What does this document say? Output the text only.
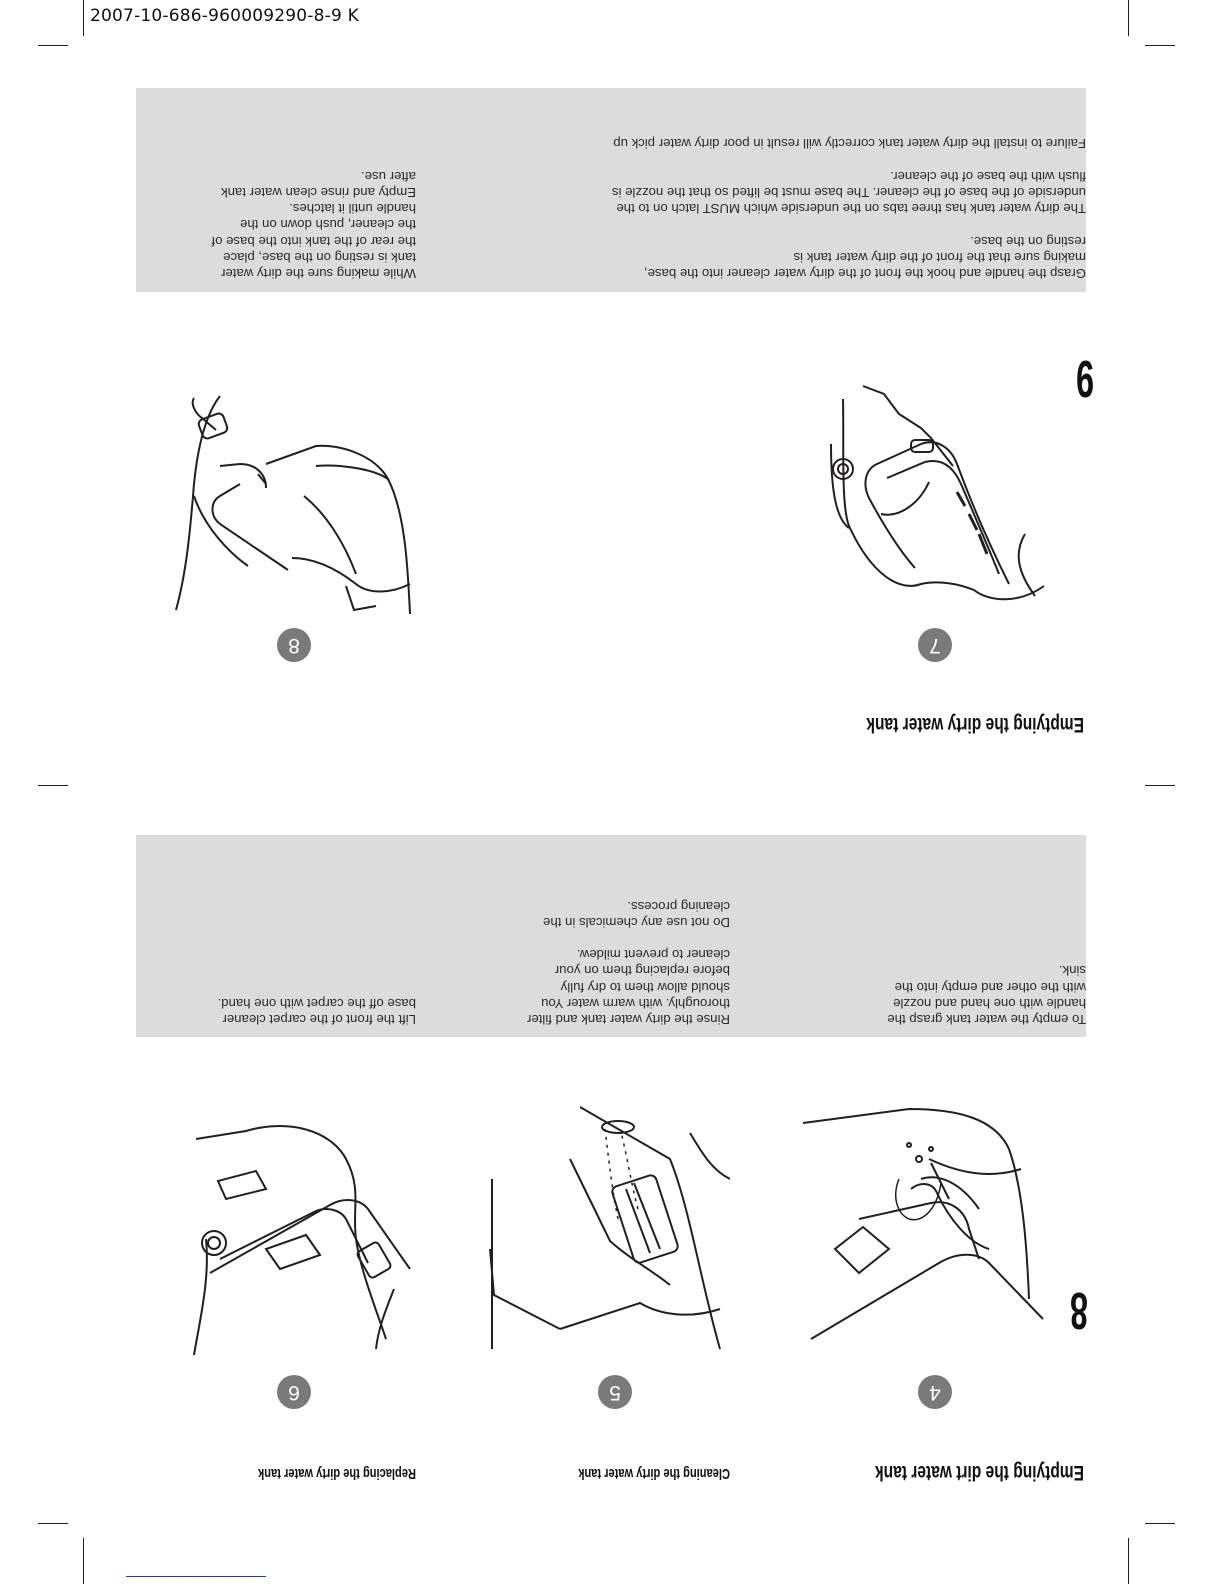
2007-10-686-960009290-8-9 K
9
Emptying the dirty water tank
7
8
Grasp the handle and hook the front of the dirty water cleaner into the base,
making sure that the front of the dirty water tank is
resting on the base.

The dirty water tank has three tabs on the underside which MUST latch on to the
underside of the base of the cleaner. The base must be lifted so that the nozzle is
flush with the base of the cleaner.

Failure to install the dirty water tank correctly will result in poor dirty water pick up
While making sure the dirty water
tank is resting on the base, place
the rear of the tank into the base of
the cleaner, push down on the
handle until it latches.
Empty and rinse clean water tank
after use.
8
Emptying the dirt water tank
Cleaning the dirty water tank
Replacing the dirty water tank
4
5
6
To empty the water tank grasp the
handle with one hand and nozzle
with the other and empty into the
sink.
Rinse the dirty water tank and filter
thoroughly. with warm water You
should allow them to dry fully
before replacing them on your
cleaner to prevent mildew.

Do not use any chemicals in the
cleaning process.
Lift the front of the carpet cleaner
base off the carpet with one hand.
